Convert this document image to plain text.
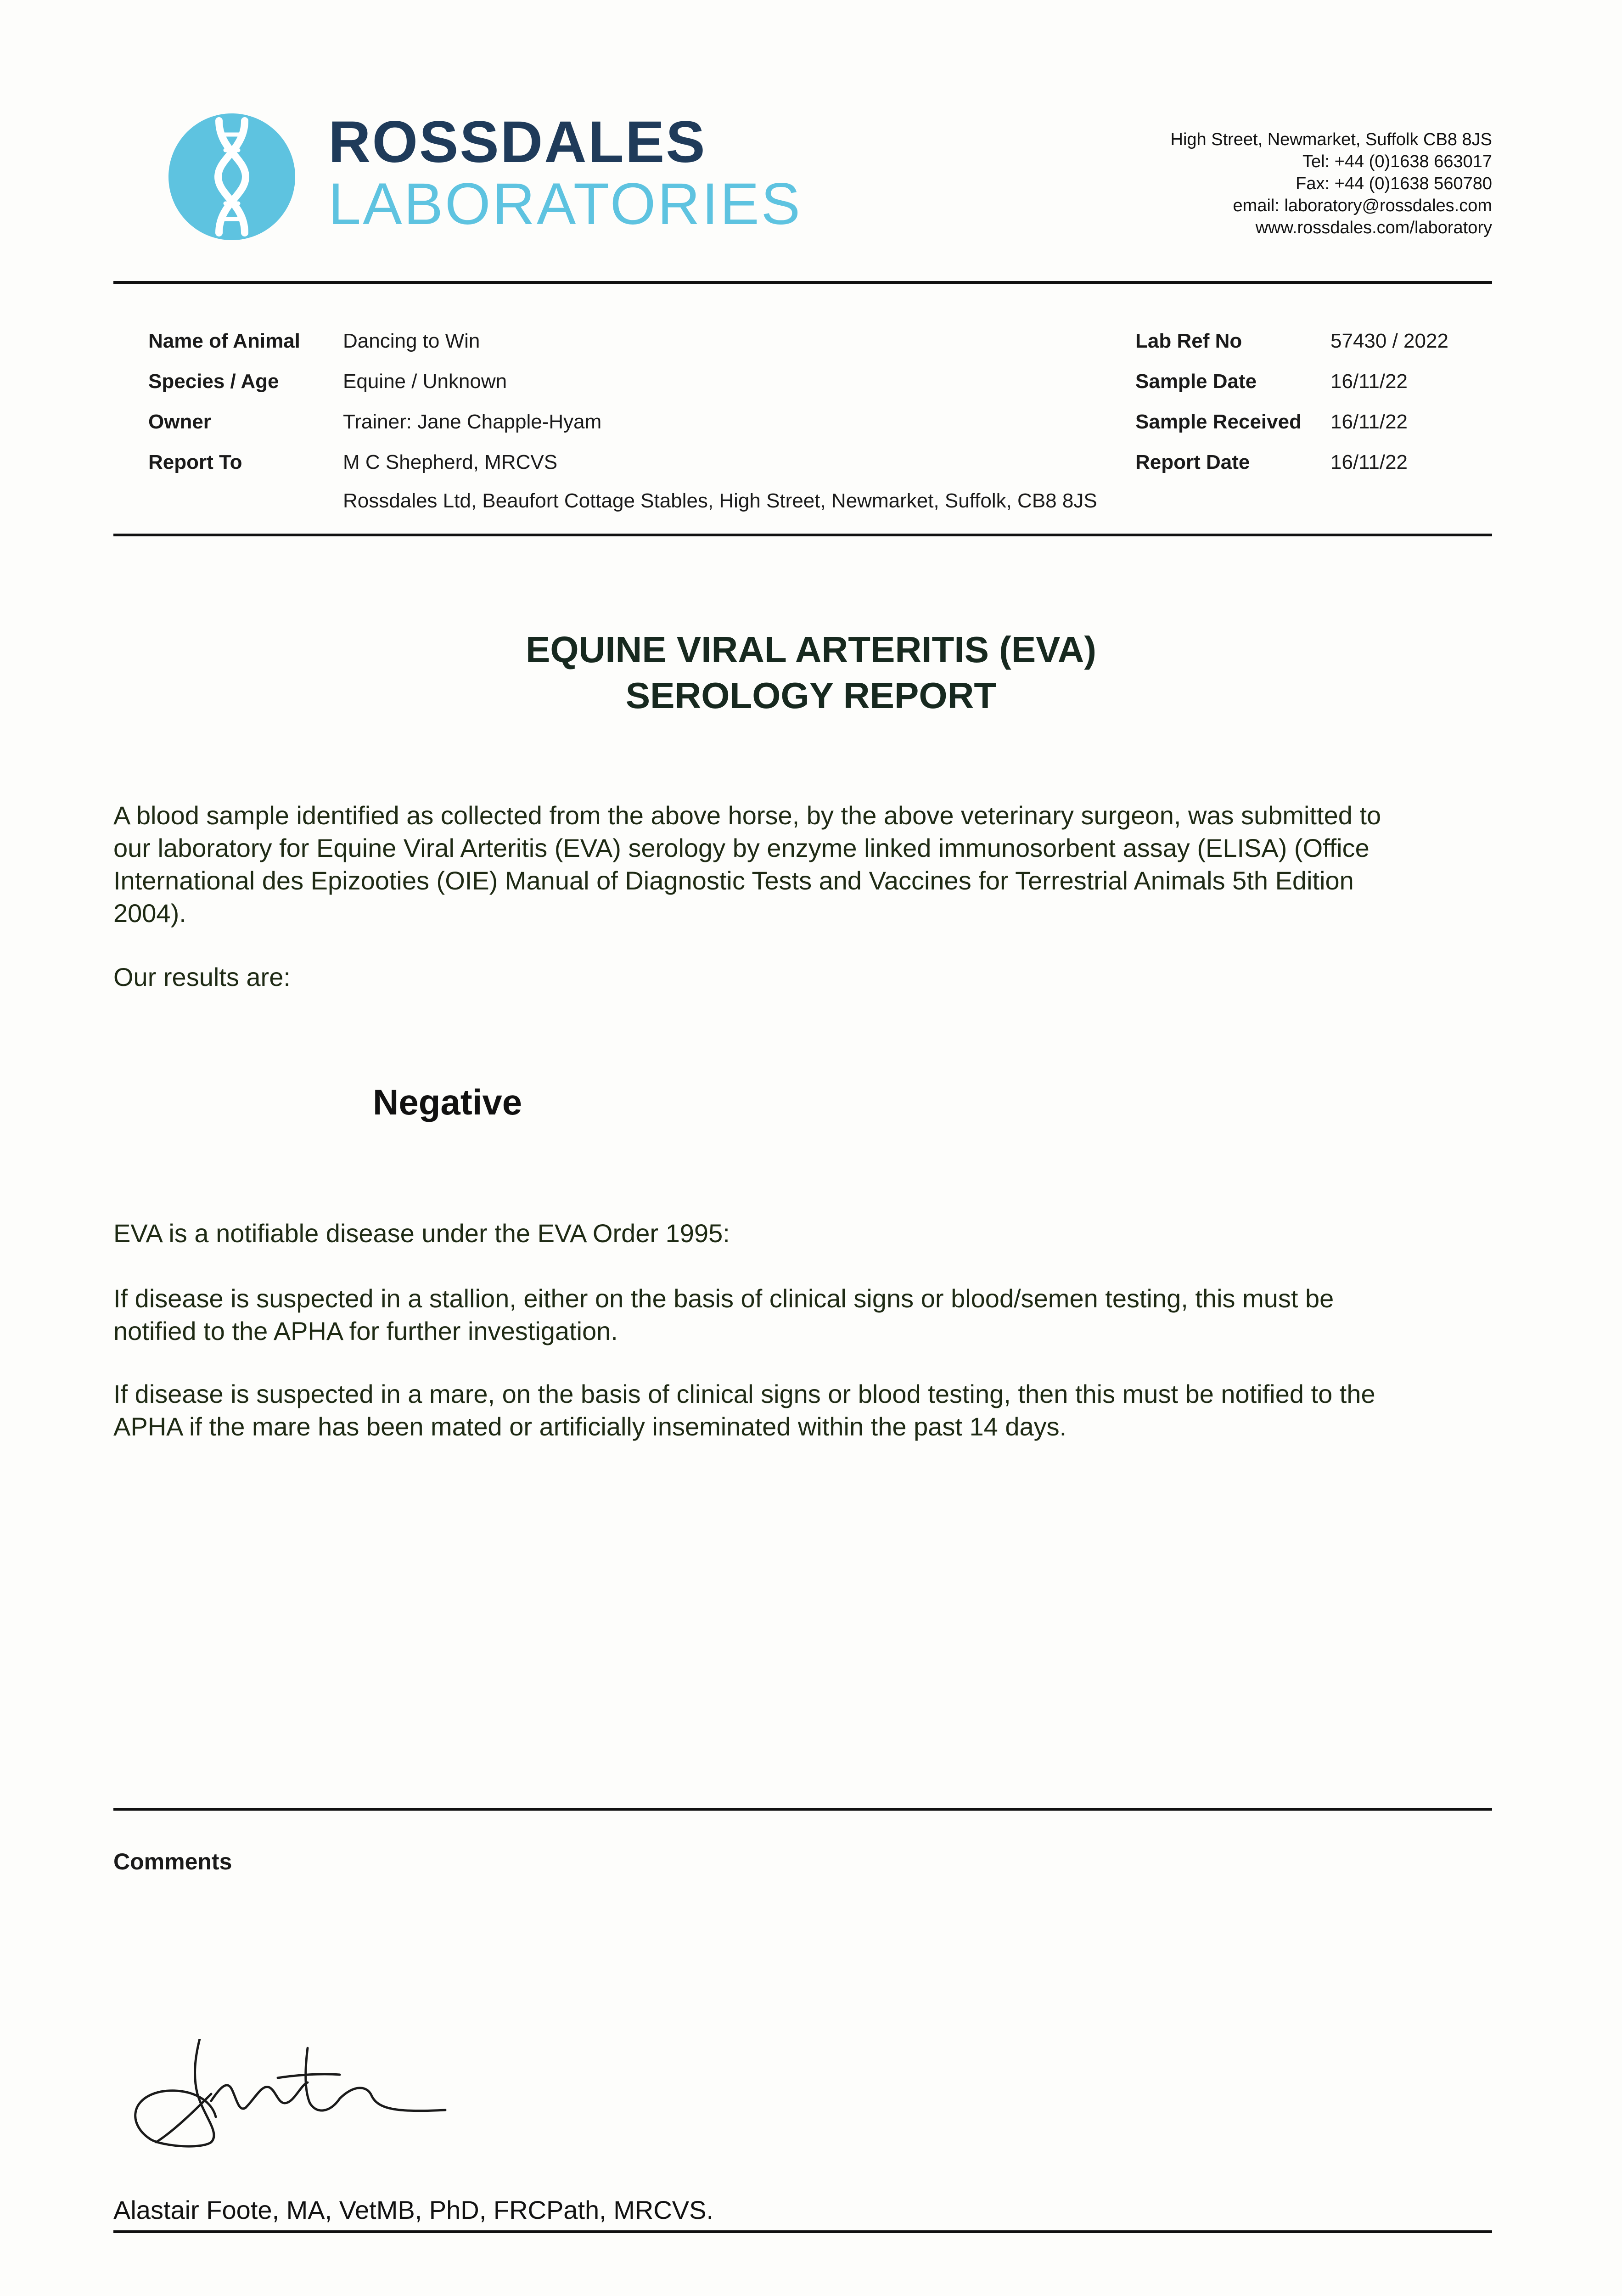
ROSSDALES
LABORATORIES
High Street, Newmarket, Suffolk CB8 8JS
Tel: +44 (0)1638 663017
Fax: +44 (0)1638 560780
email: laboratory@rossdales.com
www.rossdales.com/laboratory
Name of Animal Dancing to Win
Species / Age	Equine / Unknown
Owner	Trainer: Jane Chapple-Hyam
Report To	M C Shepherd, MRCVS
Rossdales Ltd, Beaufort Cottage Stables, High Street, Newmarket, Suffolk, CB8 8JS
Lab Ref No	57430 / 2022
Sample Date	16/11/22
Sample Received 16/11/22
Report Date	16/11/22
EQUINE VIRAL ARTERITIS (EVA)
SEROLOGY REPORT
A blood sample identified as collected from the above horse, by the above veterinary surgeon, was submitted to
our laboratory for Equine Viral Arteritis (EVA) serology by enzyme linked immunosorbent assay (ELISA) (Office
International des Epizooties (OIE) Manual of Diagnostic Tests and Vaccines for Terrestrial Animals 5th Edition
2004).
Our results are:
Negative
EVA is a notifiable disease under the EVA Order 1995:
If disease is suspected in a stallion, either on the basis of clinical signs or blood/semen testing, this must be
notified to the APHA for further investigation.
If disease is suspected in a mare, on the basis of clinical signs or blood testing, then this must be notified to the
APHA if the mare has been mated or artificially inseminated within the past 14 days.
Comments
Alastair Foote, MA, VetMB, PhD, FRCPath, MRCVS.
